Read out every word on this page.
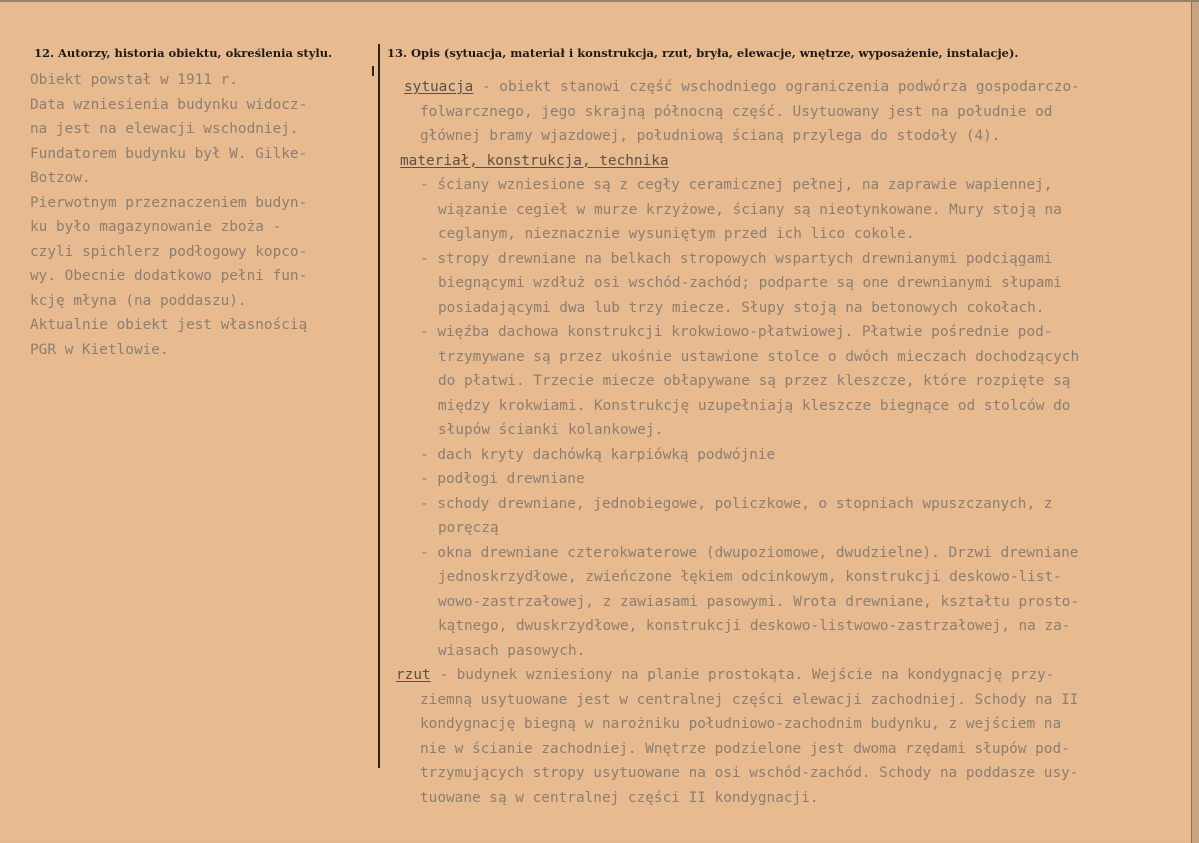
12. Autorzy, historia obiektu, określenia stylu.	13. Opis (sytuacja, materiał i konstrukcja, rzut, bryła, elewacje, wnętrze, wyposażenie, instalacje).

Obiekt powstał w 1911 r.
Data wzniesienia budynku widocz-
na jest na elewacji wschodniej.
Fundatorem budynku był W. Gilke-
Botzow.
Pierwotnym przeznaczeniem budyn-
ku było magazynowanie zboża -
czyli spichlerz podłogowy kopco-
wy. Obecnie dodatkowo pełni fun-
kcję młyna (na poddaszu).
Aktualnie obiekt jest własnością
PGR w Kietlowie.
sytuacja - obiekt stanowi część wschodniego ograniczenia podwórza gospodarczo-
folwarcznego, jego skrajną północną część. Usytuowany jest na południe od
głównej bramy wjazdowej, południową ścianą przylega do stodoły (4).
materiał, konstrukcja, technika
- ściany wzniesione są z cegły ceramicznej pełnej, na zaprawie wapiennej,
wiązanie cegieł w murze krzyżowe, ściany są nieotynkowane. Mury stoją na
ceglanym, nieznacznie wysuniętym przed ich lico cokole.
- stropy drewniane na belkach stropowych wspartych drewnianymi podciągami
biegnącymi wzdłuż osi wschód-zachód; podparte są one drewnianymi słupami
posiadającymi dwa lub trzy miecze. Słupy stoją na betonowych cokołach.
- więźba dachowa konstrukcji krokwiowo-płatwiowej. Płatwie pośrednie pod-
trzymywane są przez ukośnie ustawione stolce o dwóch mieczach dochodzących
do płatwi. Trzecie miecze obłapywane są przez kleszcze, które rozpięte są
między krokwiami. Konstrukcję uzupełniają kleszcze biegnące od stolców do
słupów ścianki kolankowej.
- dach kryty dachówką karpiówką podwójnie
- podłogi drewniane
- schody drewniane, jednobiegowe, policzkowe, o stopniach wpuszczanych, z
poręczą
- okna drewniane czterokwaterowe (dwupoziomowe, dwudzielne). Drzwi drewniane
jednoskrzydłowe, zwieńczone łękiem odcinkowym, konstrukcji deskowo-list-
wowo-zastrzałowej, z zawiasami pasowymi. Wrota drewniane, kształtu prosto-
kątnego, dwuskrzydłowe, konstrukcji deskowo-listwowo-zastrzałowej, na za-
wiasach pasowych.
rzut - budynek wzniesiony na planie prostokąta. Wejście na kondygnację przy-
ziemną usytuowane jest w centralnej części elewacji zachodniej. Schody na II
kondygnację biegną w narożniku południowo-zachodnim budynku, z wejściem na
nie w ścianie zachodniej. Wnętrze podzielone jest dwoma rzędami słupów pod-
trzymujących stropy usytuowane na osi wschód-zachód. Schody na poddasze usy-
tuowane są w centralnej części II kondygnacji.
